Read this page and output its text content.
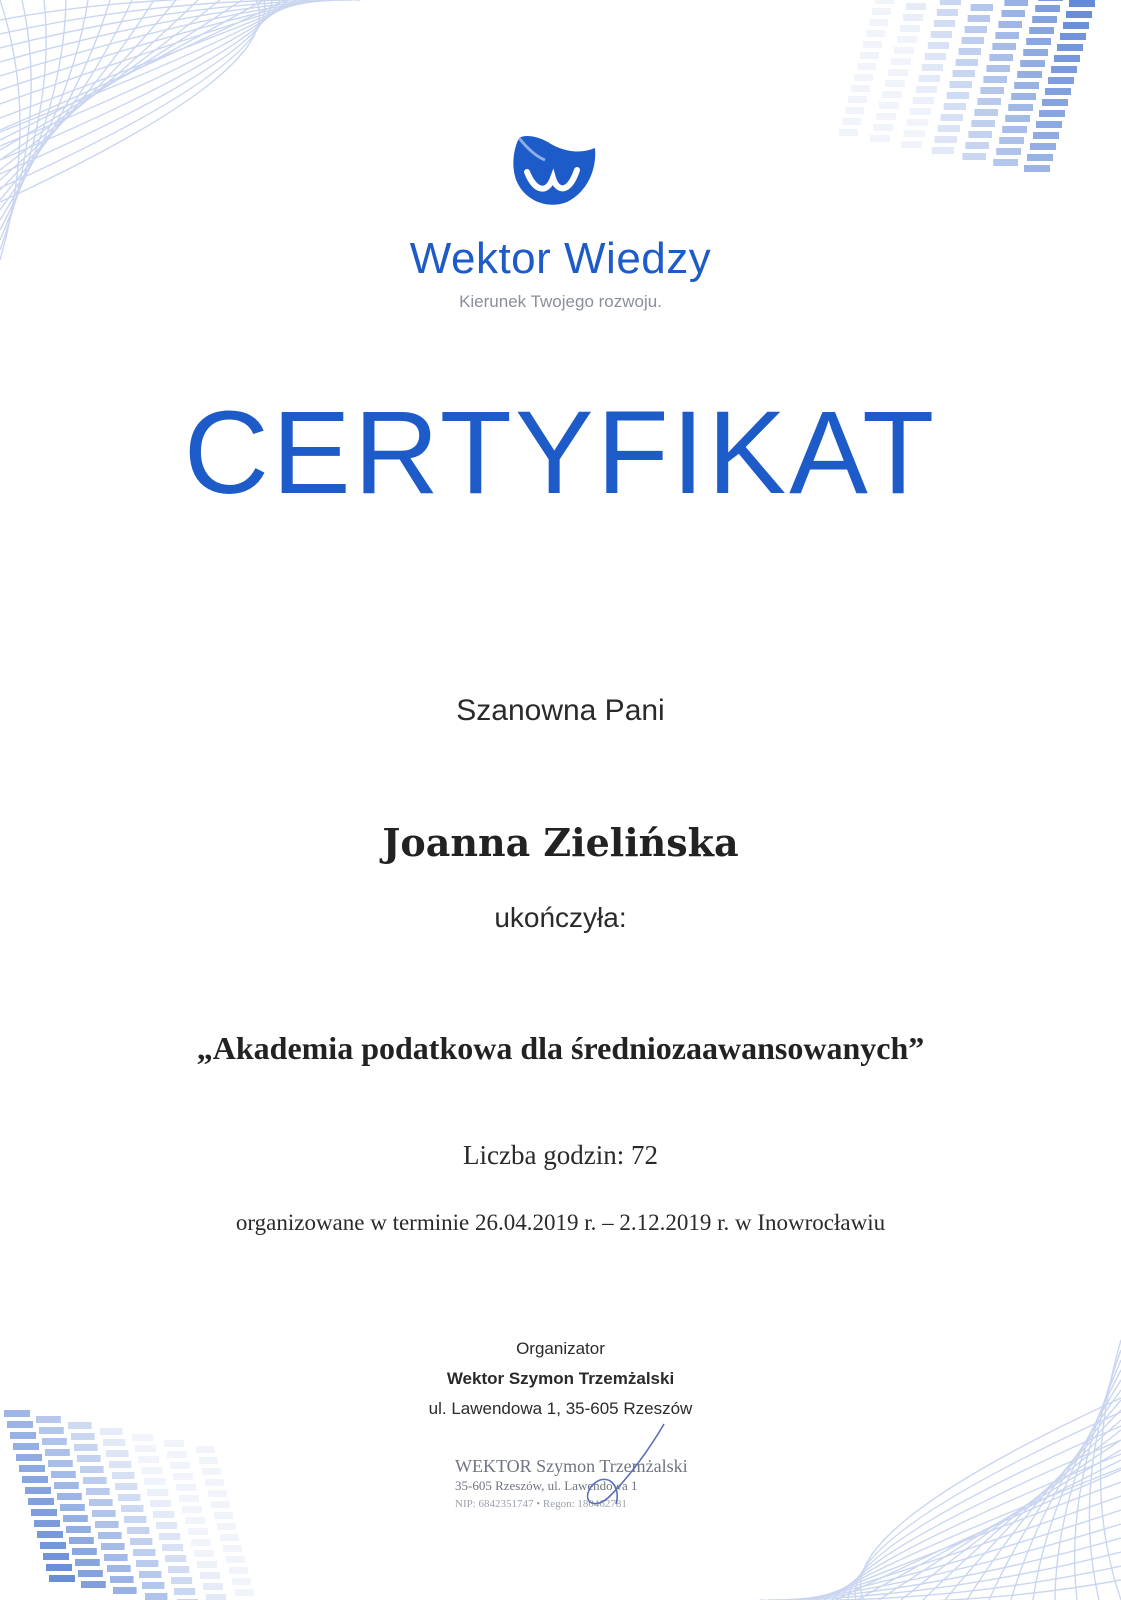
Wektor Wiedzy
Kierunek Twojego rozwoju.
CERTYFIKAT
Szanowna Pani
Joanna Zielińska
ukończyła:
„Akademia podatkowa dla średniozaawansowanych”
Liczba godzin: 72
organizowane w terminie 26.04.2019 r. – 2.12.2019 r. w Inowrocławiu
Organizator
Wektor Szymon Trzemżalski
ul. Lawendowa 1, 35-605 Rzeszów
WEKTOR Szymon Trzemżalski
35-605 Rzeszów, ul. Lawendowa 1
NIP: 6842351747 • Regon: 180462781
